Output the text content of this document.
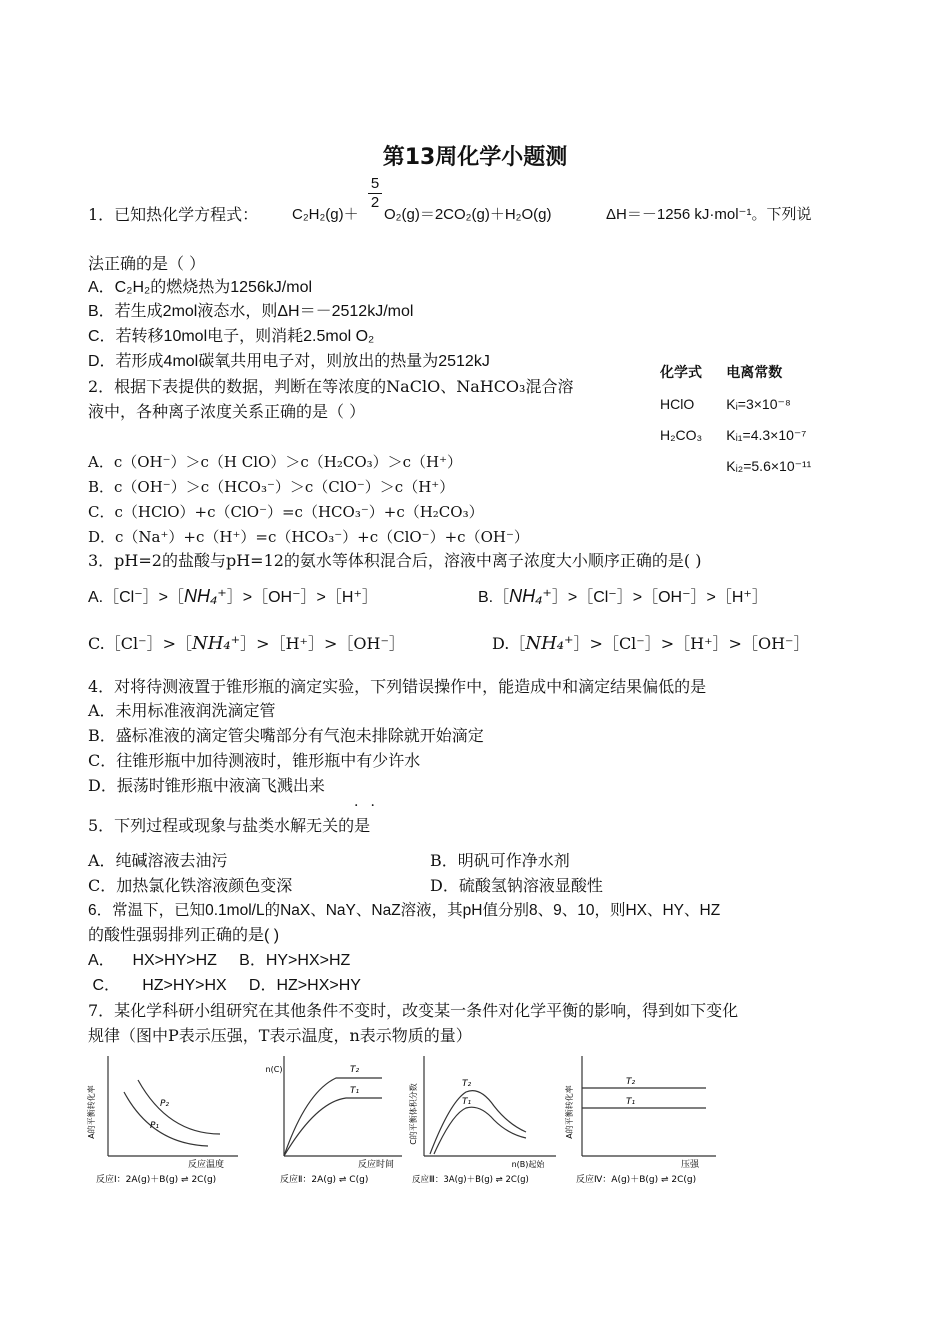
第13周化学小题测
1．已知热化学方程式： C₂H₂(g)＋
5
2
O₂(g)＝2CO₂(g)＋H₂O(g)	ΔH＝－1256 kJ·mol⁻¹。下列说
法正确的是（ ）
A．C₂H₂的燃烧热为1256kJ/mol
B．若生成2mol液态水，则ΔH＝－2512kJ/mol
C．若转移10mol电子，则消耗2.5mol O₂
D．若形成4mol碳氧共用电子对，则放出的热量为2512kJ
2．根据下表提供的数据，判断在等浓度的NaClO、NaHCO₃混合溶
液中，各种离子浓度关系正确的是（ ）
化学式	电离常数
HClO	Kᵢ=3×10⁻⁸
H₂CO₃	Kᵢ₁=4.3×10⁻⁷
	Kᵢ₂=5.6×10⁻¹¹
A．c（OH⁻）＞c（H ClO）＞c（H₂CO₃）＞c（H⁺）
B．c（OH⁻）＞c（HCO₃⁻）＞c（ClO⁻）＞c（H⁺）
C．c（HClO）+c（ClO⁻）=c（HCO₃⁻）+c（H₂CO₃）
D．c（Na⁺）+c（H⁺）=c（HCO₃⁻）+c（ClO⁻）+c（OH⁻）
3．pH=2的盐酸与pH=12的氨水等体积混合后，溶液中离子浓度大小顺序正确的是( )
A.［Cl⁻］>［NH₄⁺］>［OH⁻］>［H⁺］	B.［NH₄⁺］>［Cl⁻］>［OH⁻］>［H⁺］
C.［Cl⁻］>［NH₄⁺］>［H⁺］>［OH⁻］	D.［NH₄⁺］>［Cl⁻］>［H⁺］>［OH⁻］
4．对将待测液置于锥形瓶的滴定实验，下列错误操作中，能造成中和滴定结果偏低的是
A．未用标准液润洗滴定管
B．盛标准液的滴定管尖嘴部分有气泡未排除就开始滴定
C．往锥形瓶中加待测液时，锥形瓶中有少许水
D．振荡时锥形瓶中液滴飞溅出来
··
5．下列过程或现象与盐类水解无关的是
A．纯碱溶液去油污	B．明矾可作净水剂
C．加热氯化铁溶液颜色变深	D．硫酸氢钠溶液显酸性
6．常温下，已知0.1mol/L的NaX、NaY、NaZ溶液，其pH值分别8、9、10，则HX、HY、HZ
的酸性强弱排列正确的是( )
A．    HX>HY>HZ     B．HY>HX>HZ
C．     HZ>HY>HX     D．HZ>HX>HY
7．某化学科研小组研究在其他条件不变时，改变某一条件对化学平衡的影响，得到如下变化
规律（图中P表示压强，T表示温度，n表示物质的量）
A的平衡转化率
反应温度
P₂
P₁
反应Ⅰ：2A(g)＋B(g) ⇌ 2C(g)
n(C)
反应时间
T₂
T₁
反应Ⅱ：2A(g) ⇌ C(g)
C的平衡体积分数
n(B)起始
T₂
T₁
反应Ⅲ：3A(g)＋B(g) ⇌ 2C(g)
A的平衡转化率
压强
T₂
T₁
反应Ⅳ：A(g)＋B(g) ⇌ 2C(g)
